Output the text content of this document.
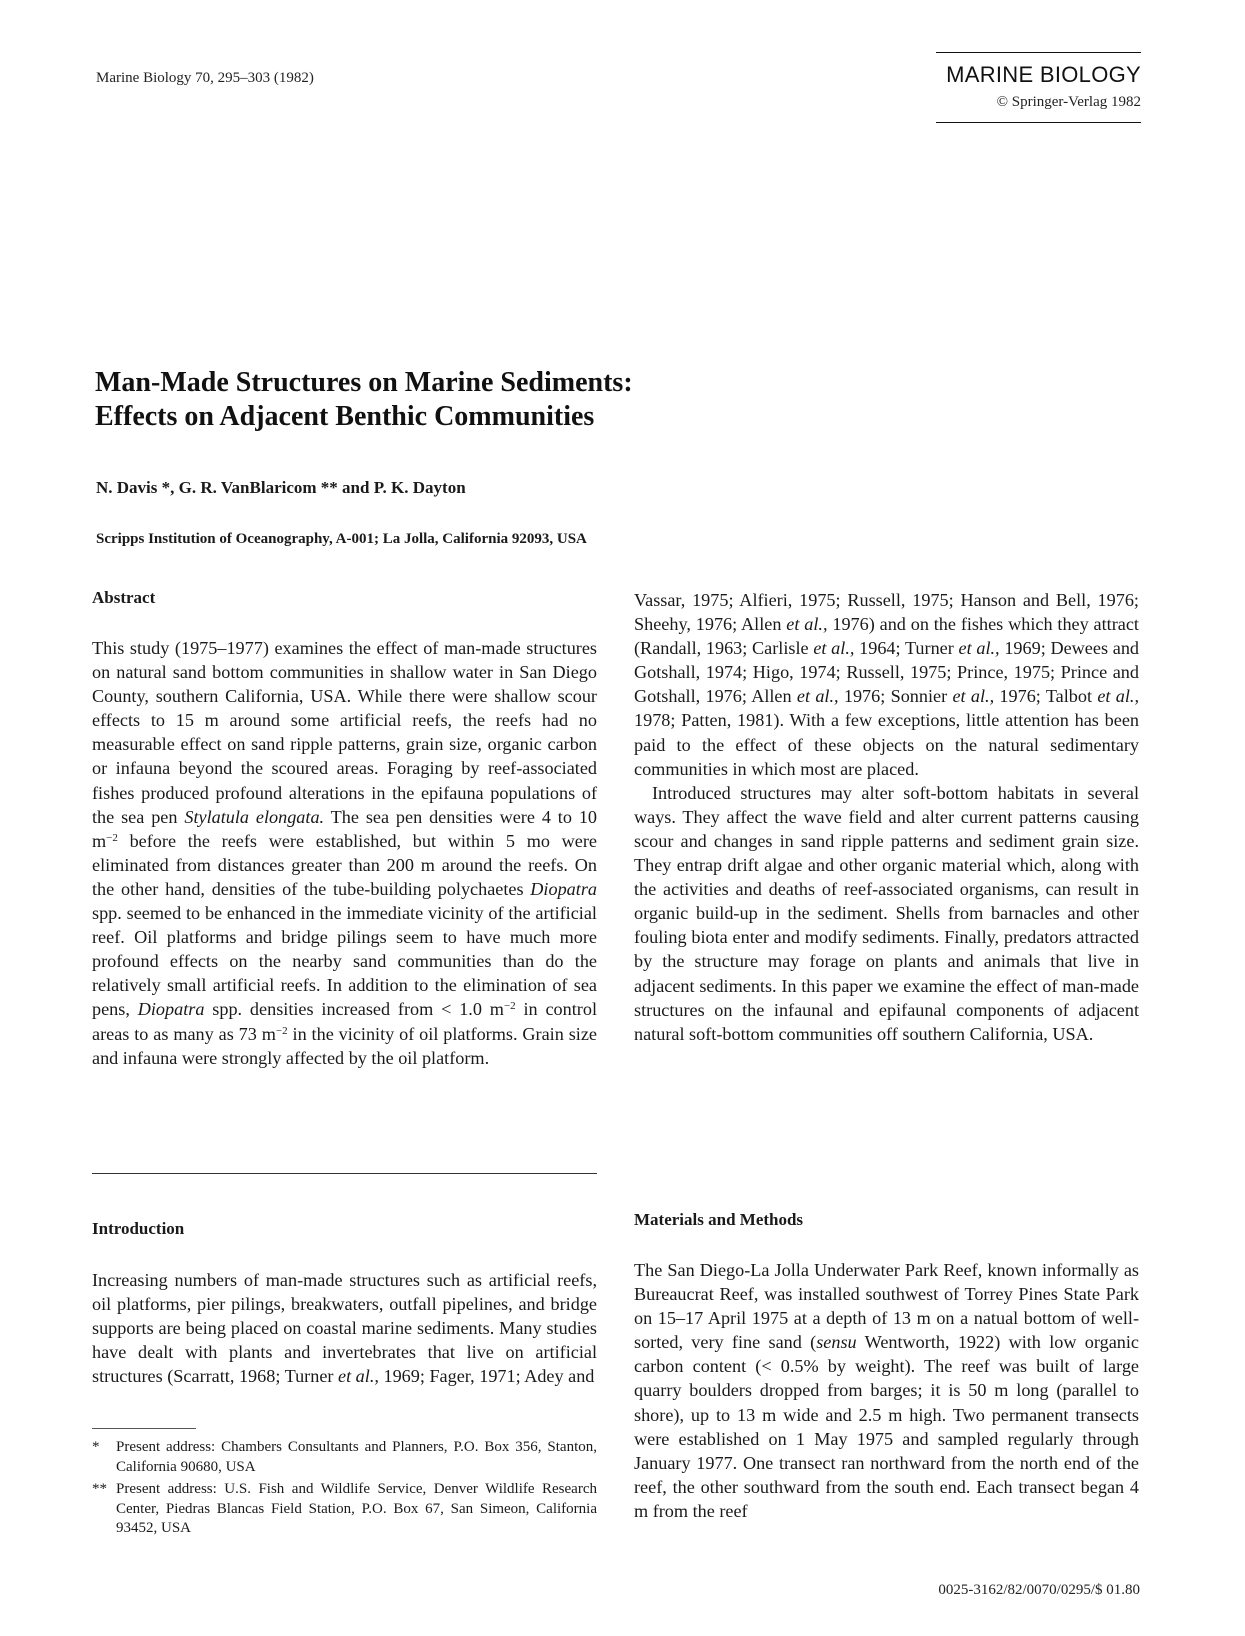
Marine Biology 70, 295–303 (1982)	MARINE BIOLOGY
© Springer-Verlag 1982
Man-Made Structures on Marine Sediments:
Effects on Adjacent Benthic Communities
N. Davis *, G. R. VanBlaricom ** and P. K. Dayton
Scripps Institution of Oceanography, A-001; La Jolla, California 92093, USA
Abstract

This study (1975–1977) examines the effect of man-made structures on natural sand bottom communities in shallow water in San Diego County, southern California, USA. While there were shallow scour effects to 15 m around some artificial reefs, the reefs had no measurable effect on sand ripple patterns, grain size, organic carbon or infauna beyond the scoured areas. Foraging by reef-associated fishes produced profound alterations in the epifauna populations of the sea pen Stylatula elongata. The sea pen densities were 4 to 10 $m^{-2}$ before the reefs were established, but within 5 mo were eliminated from distances greater than 200 m around the reefs. On the other hand, densities of the tube-building polychaetes Diopatra spp. seemed to be enhanced in the immediate vicinity of the artificial reef. Oil platforms and bridge pilings seem to have much more profound effects on the nearby sand communities than do the relatively small artificial reefs. In addition to the elimination of sea pens, Diopatra spp. densities increased from < 1.0 $m^{-2}$ in control areas to as many as 73 $m^{-2}$ in the vicinity of oil platforms. Grain size and infauna were strongly affected by the oil platform.

Introduction

Increasing numbers of man-made structures such as artificial reefs, oil platforms, pier pilings, breakwaters, outfall pipelines, and bridge supports are being placed on coastal marine sediments. Many studies have dealt with plants and invertebrates that live on artificial structures (Scarratt, 1968; Turner et al., 1969; Fager, 1971; Adey and

* Present address: Chambers Consultants and Planners, P.O. Box 356, Stanton, California 90680, USA

** Present address: U.S. Fish and Wildlife Service, Denver Wildlife Research Center, Piedras Blancas Field Station, P.O. Box 67, San Simeon, California 93452, USA

Vassar, 1975; Alfieri, 1975; Russell, 1975; Hanson and Bell, 1976; Sheehy, 1976; Allen et al., 1976) and on the fishes which they attract (Randall, 1963; Carlisle et al., 1964; Turner et al., 1969; Dewees and Gotshall, 1974; Higo, 1974; Russell, 1975; Prince, 1975; Prince and Gotshall, 1976; Allen et al., 1976; Sonnier et al., 1976; Talbot et al., 1978; Patten, 1981). With a few exceptions, little attention has been paid to the effect of these objects on the natural sedimentary communities in which most are placed.

Introduced structures may alter soft-bottom habitats in several ways. They affect the wave field and alter current patterns causing scour and changes in sand ripple patterns and sediment grain size. They entrap drift algae and other organic material which, along with the activities and deaths of reef-associated organisms, can result in organic build-up in the sediment. Shells from barnacles and other fouling biota enter and modify sediments. Finally, predators attracted by the structure may forage on plants and animals that live in adjacent sediments. In this paper we examine the effect of man-made structures on the infaunal and epifaunal components of adjacent natural soft-bottom communities off southern California, USA.

Materials and Methods

The San Diego-La Jolla Underwater Park Reef, known informally as Bureaucrat Reef, was installed southwest of Torrey Pines State Park on 15–17 April 1975 at a depth of 13 m on a natual bottom of well-sorted, very fine sand (sensu Wentworth, 1922) with low organic carbon content (< 0.5% by weight). The reef was built of large quarry boulders dropped from barges; it is 50 m long (parallel to shore), up to 13 m wide and 2.5 m high. Two permanent transects were established on 1 May 1975 and sampled regularly through January 1977. One transect ran northward from the north end of the reef, the other southward from the south end. Each transect began 4 m from the reef

0025-3162/82/0070/0295/$ 01.80
